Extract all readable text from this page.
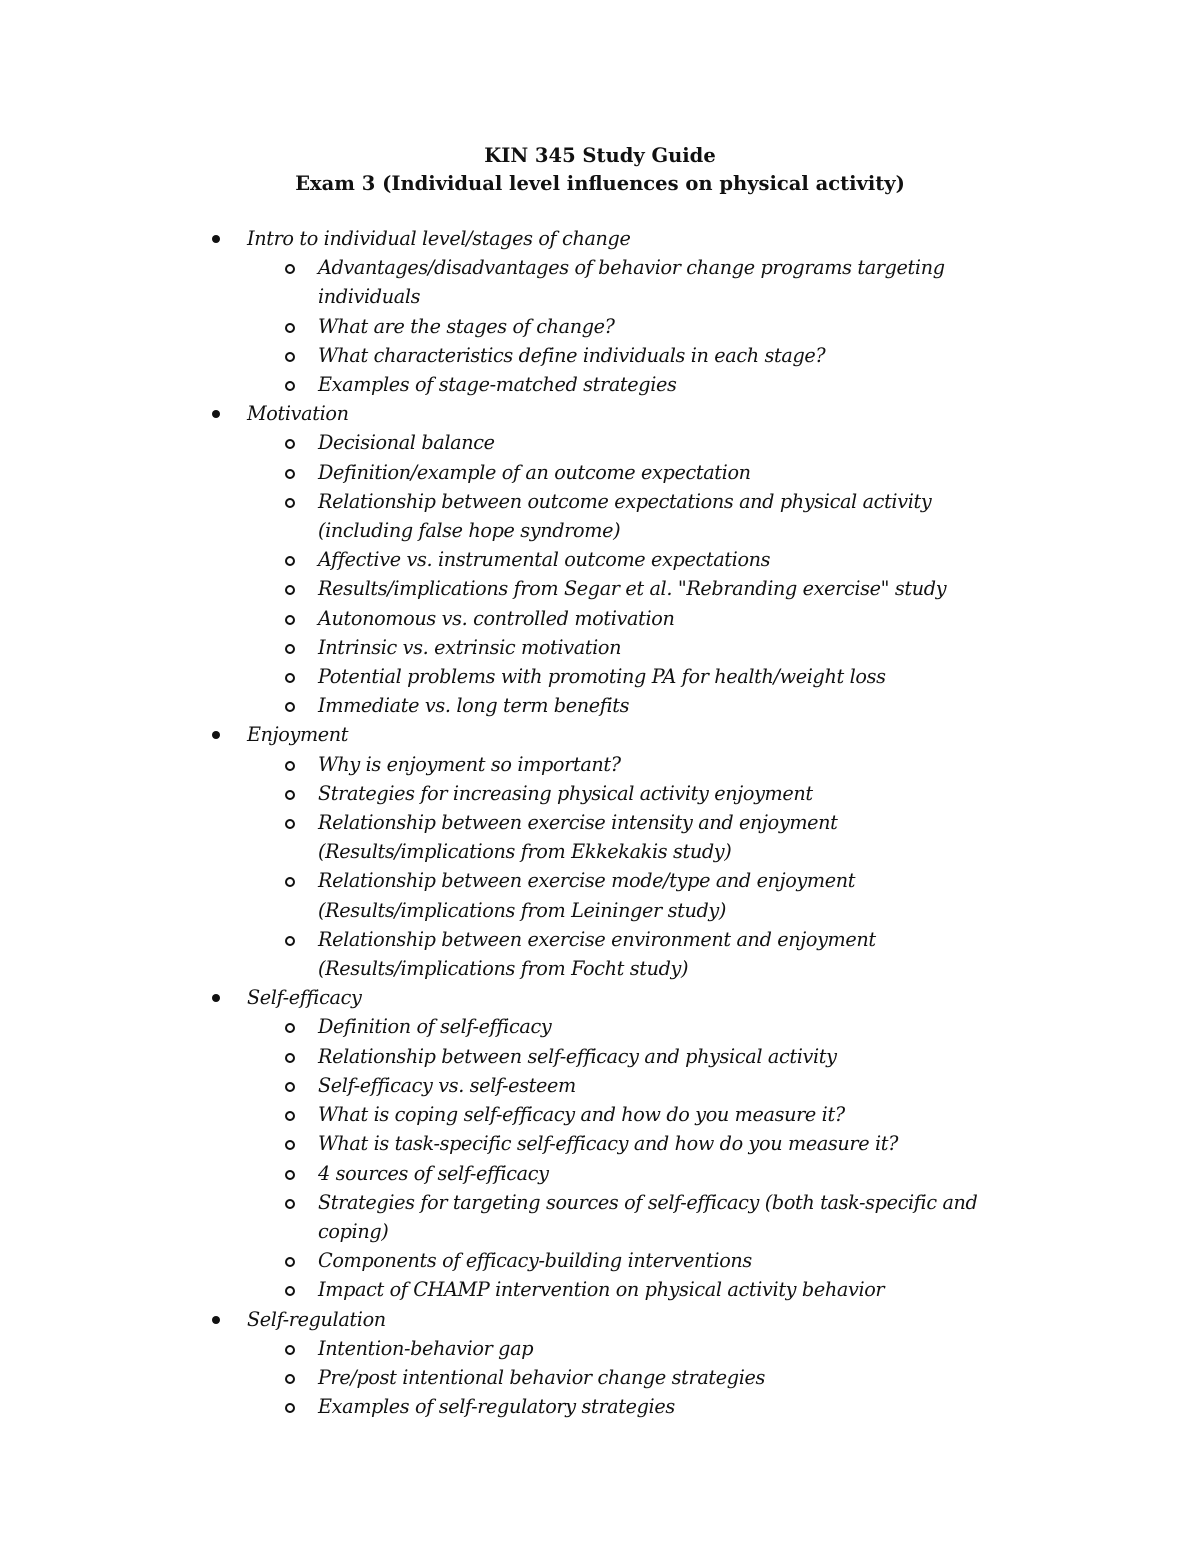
KIN 345 Study Guide
Exam 3 (Individual level influences on physical activity)
Intro to individual level/stages of change
Advantages/disadvantages of behavior change programs targeting individuals
What are the stages of change?
What characteristics define individuals in each stage?
Examples of stage-matched strategies
Motivation
Decisional balance
Definition/example of an outcome expectation
Relationship between outcome expectations and physical activity (including false hope syndrome)
Affective vs. instrumental outcome expectations
Results/implications from Segar et al. "Rebranding exercise" study
Autonomous vs. controlled motivation
Intrinsic vs. extrinsic motivation
Potential problems with promoting PA for health/weight loss
Immediate vs. long term benefits
Enjoyment
Why is enjoyment so important?
Strategies for increasing physical activity enjoyment
Relationship between exercise intensity and enjoyment (Results/implications from Ekkekakis study)
Relationship between exercise mode/type and enjoyment (Results/implications from Leininger study)
Relationship between exercise environment and enjoyment (Results/implications from Focht study)
Self-efficacy
Definition of self-efficacy
Relationship between self-efficacy and physical activity
Self-efficacy vs. self-esteem
What is coping self-efficacy and how do you measure it?
What is task-specific self-efficacy and how do you measure it?
4 sources of self-efficacy
Strategies for targeting sources of self-efficacy (both task-specific and coping)
Components of efficacy-building interventions
Impact of CHAMP intervention on physical activity behavior
Self-regulation
Intention-behavior gap
Pre/post intentional behavior change strategies
Examples of self-regulatory strategies
